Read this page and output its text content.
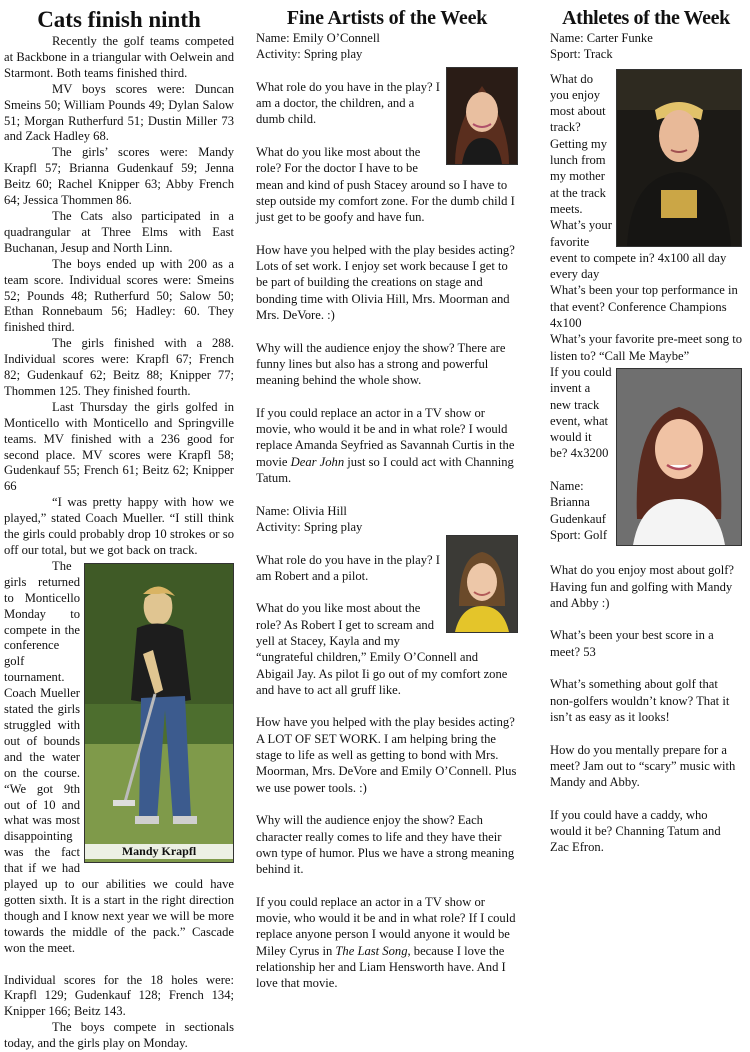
Cats finish ninth

Recently the golf teams competed at Backbone in a triangular with Oelwein and Starmont. Both teams finished third.

MV boys scores were: Duncan Smeins 50; William Pounds 49; Dylan Salow 51; Morgan Rutherfurd 51; Dustin Miller 73 and Zack Hadley 68.

The girls’ scores were: Mandy Krapfl 57; Brianna Gudenkauf 59; Jenna Beitz 60; Rachel Knipper 63; Abby French 64; Jessica Thommen 86.

The Cats also participated in a quadrangular at Three Elms with East Buchanan, Jesup and North Linn.

The boys ended up with 200 as a team score. Individual scores were: Smeins 52; Pounds 48; Rutherfurd 50; Salow 50; Ethan Ronnebaum 56; Hadley: 60. They finished third.

The girls finished with a 288. Individual scores were: Krapfl 67; French 82; Gudenkauf 62; Beitz 88; Knipper 77; Thommen 125. They finished fourth.

Last Thursday the girls golfed in Monticello with Monticello and Springville teams. MV finished with a 236 good for second place. MV scores were Krapfl 58; Gudenkauf 55; French 61; Beitz 62; Knipper 66

“I was pretty happy with how we played,” stated Coach Mueller. “I still think the girls could probably drop 10 strokes or so off our total, but we got back on track.

Mandy Krapfl

The girls returned to Monticello Monday to compete in the conference golf tournament. Coach Mueller stated the girls struggled with out of bounds and the water on the course. “We got 9th out of 10 and what was most disappointing was the fact that if we had played up to our abilities we could have gotten sixth. It is a start in the right direction though and I know next year we will be more towards the middle of the pack.” Cascade won the meet.

Individual scores for the 18 holes were: Krapfl 129; Gudenkauf 128; French 134; Knipper 166; Beitz 143.

The boys compete in sectionals today, and the girls play on Monday.

Fine Artists of the Week

Name: Emily O’Connell

Activity: Spring play

What role do you have in the play? I am a doctor, the children, and a dumb child.

What do you like most about the role? For the doctor I have to be mean and kind of push Stacey around so I have to step outside my comfort zone. For the dumb child I just get to be goofy and have fun.

How have you helped with the play besides acting? Lots of set work. I enjoy set work because I get to be part of building the creations on stage and bonding time with Olivia Hill, Mrs. Moorman and Mrs. DeVore. :)

Why will the audience enjoy the show? There are funny lines but also has a strong and powerful meaning behind the whole show.

If you could replace an actor in a TV show or movie, who would it be and in what role? I would replace Amanda Seyfried as Savannah Curtis in the movie Dear John just so I could act with Channing Tatum.

Name: Olivia Hill

Activity: Spring play

What role do you have in the play? I am Robert and a pilot.

What do you like most about the role? As Robert I get to scream and yell at Stacey, Kayla and my “ungrateful children,” Emily O’Connell and Abigail Jay. As pilot Ii go out of my comfort zone and have to act all gruff like.

How have you helped with the play besides acting? A LOT OF SET WORK. I am helping bring the stage to life as well as getting to bond with Mrs. Moorman, Mrs. DeVore and Emily O’Connell. Plus we use power tools. :)

Why will the audience enjoy the show? Each character really comes to life and they have their own type of humor. Plus we have a strong meaning behind it.

If you could replace an actor in a TV show or movie, who would it be and in what role? If I could replace anyone person I would anyone it would be Miley Cyrus in The Last Song, because I love the relationship her and Liam Hensworth have. And I love that movie.

Athletes of the Week

Name: Carter Funke

Sport: Track

What do you enjoy most about track? Getting my lunch from my mother at the track meets.

What’s your favorite event to compete in? 4x100 all day every day

What’s been your top performance in that event? Conference Champions 4x100

What’s your favorite pre-meet song to listen to? “Call Me Maybe”

If you could invent a new track event, what would it be? 4x3200

Name: Brianna Gudenkauf

Sport: Golf

What do you enjoy most about golf? Having fun and golfing with Mandy and Abby :)

What’s been your best score in a meet? 53

What’s something about golf that non-golfers wouldn’t know? That it isn’t as easy as it looks!

How do you mentally prepare for a meet? Jam out to “scary” music with Mandy and Abby.

If you could have a caddy, who would it be? Channing Tatum and Zac Efron.
